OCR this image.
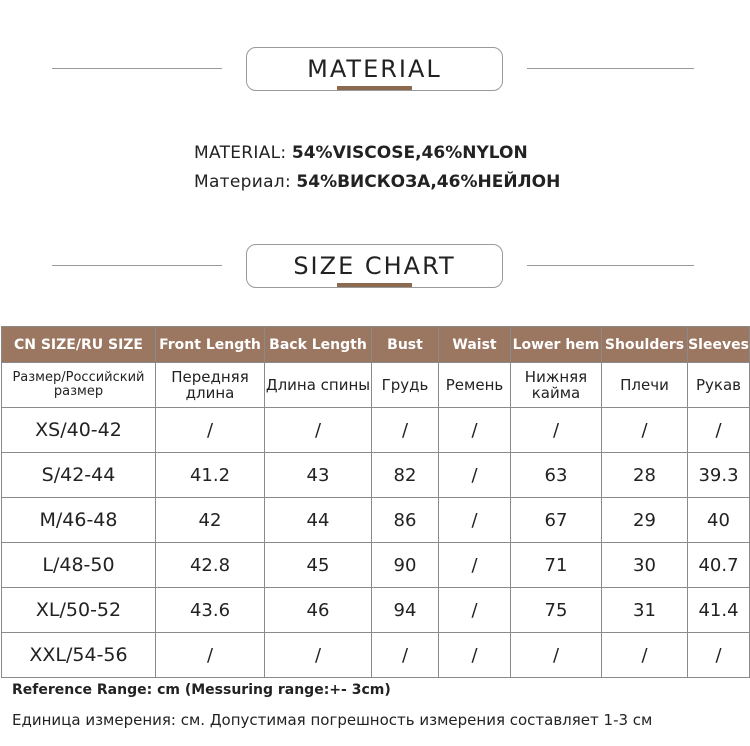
MATERIAL
MATERIAL: 54%VISCOSE,46%NYLON
Материал: 54%ВИСКОЗА,46%НЕЙЛОН
SIZE CHART
CN SIZE/RU SIZE	Front Length	Back Length	Bust	Waist	Lower hem	Shoulders	Sleeves
Размер/Российский размер	Передняя длина	Длина спины	Грудь	Ремень	Нижняя кайма	Плечи	Рукав
XS/40-42	/	/	/	/	/	/	/
S/42-44	41.2	43	82	/	63	28	39.3
M/46-48	42	44	86	/	67	29	40
L/48-50	42.8	45	90	/	71	30	40.7
XL/50-52	43.6	46	94	/	75	31	41.4
XXL/54-56	/	/	/	/	/	/	/
Reference Range: cm (Messuring range:+- 3cm)
Единица измерения: см. Допустимая погрешность измерения составляет 1-3 см
